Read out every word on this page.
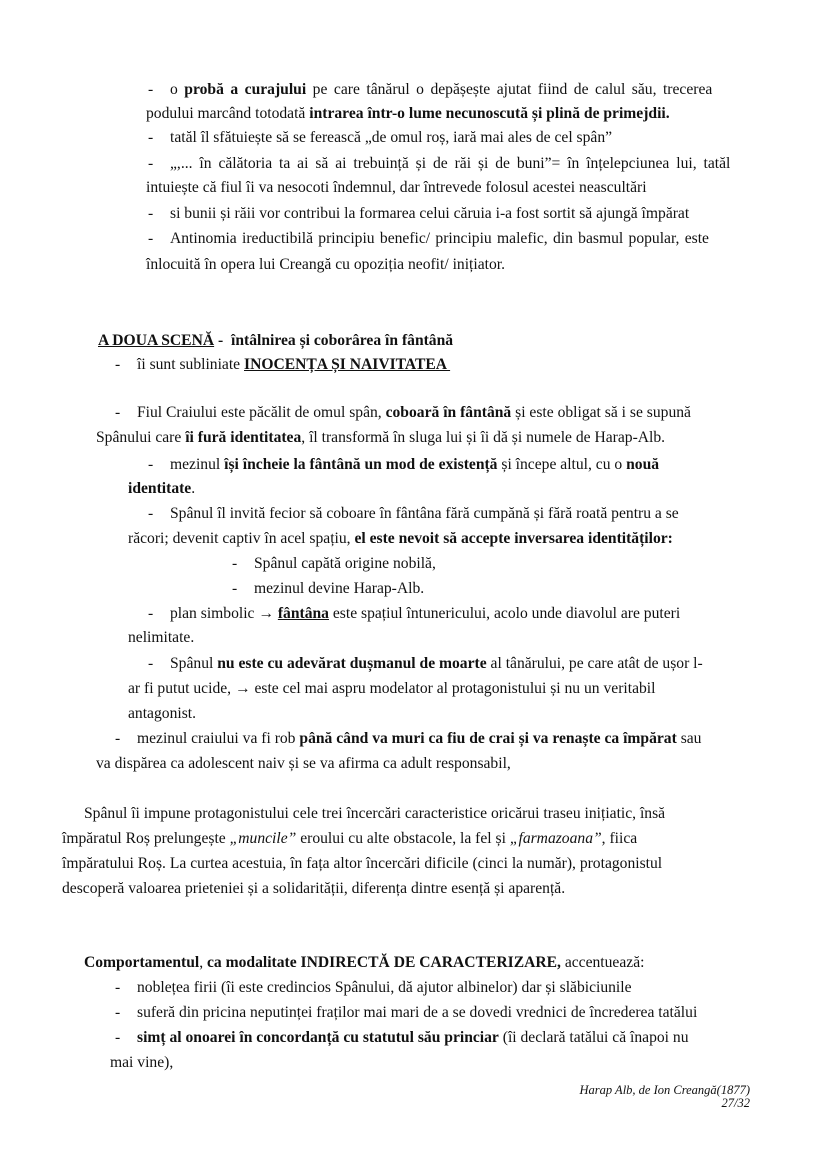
- o probă a curajului pe care tânărul o depășește ajutat fiind de calul său, trecerea
podului marcând totodată intrarea într-o lume necunoscută și plină de primejdii.
- tatăl îl sfătuiește să se ferească „de omul roș, iară mai ales de cel spân”
- „,... în călătoria ta ai să ai trebuință și de răi și de buni”= în înțelepciunea lui, tatăl
intuiește că fiul îi va nesocoti îndemnul, dar întrevede folosul acestei neascultări
- si bunii și răii vor contribui la formarea celui căruia i-a fost sortit să ajungă împărat
- Antinomia ireductibilă principiu benefic/ principiu malefic, din basmul popular, este
înlocuită în opera lui Creangă cu opoziția neofit/ inițiator.
A DOUA SCENĂ -  întâlnirea și coborârea în fântână
- îi sunt subliniate INOCENȚA ȘI NAIVITATEA
- Fiul Craiului este păcălit de omul spân, coboară în fântână și este obligat să i se supună
Spânului care îi fură identitatea, îl transformă în sluga lui și îi dă și numele de Harap-Alb.
- mezinul își încheie la fântână un mod de existență și începe altul, cu o nouă
identitate.
- Spânul îl invită fecior să coboare în fântâna fără cumpănă și fără roată pentru a se
răcori; devenit captiv în acel spațiu, el este nevoit să accepte inversarea identităților:
- Spânul capătă origine nobilă,
- mezinul devine Harap-Alb.
- plan simbolic → fântâna este spațiul întunericului, acolo unde diavolul are puteri
nelimitate.
- Spânul nu este cu adevărat dușmanul de moarte al tânărului, pe care atât de ușor l-
ar fi putut ucide, → este cel mai aspru modelator al protagonistului și nu un veritabil
antagonist.
- mezinul craiului va fi rob până când va muri ca fiu de crai și va renaște ca împărat sau
va dispărea ca adolescent naiv și se va afirma ca adult responsabil,
Spânul îi impune protagonistului cele trei încercări caracteristice oricărui traseu inițiatic, însă
împăratul Roș prelungește „muncile” eroului cu alte obstacole, la fel și „farmazoana”, fiica
împăratului Roș. La curtea acestuia, în fața altor încercări dificile (cinci la număr), protagonistul
descoperă valoarea prieteniei și a solidarității, diferența dintre esență și aparență.
Comportamentul, ca modalitate INDIRECTĂ DE CARACTERIZARE, accentuează:
- noblețea firii (îi este credincios Spânului, dă ajutor albinelor) dar și slăbiciunile
- suferă din pricina neputinței fraților mai mari de a se dovedi vrednici de încrederea tatălui
- simț al onoarei în concordanță cu statutul său princiar (îi declară tatălui că înapoi nu
mai vine),
Harap Alb, de Ion Creangă(1877)
27/32
